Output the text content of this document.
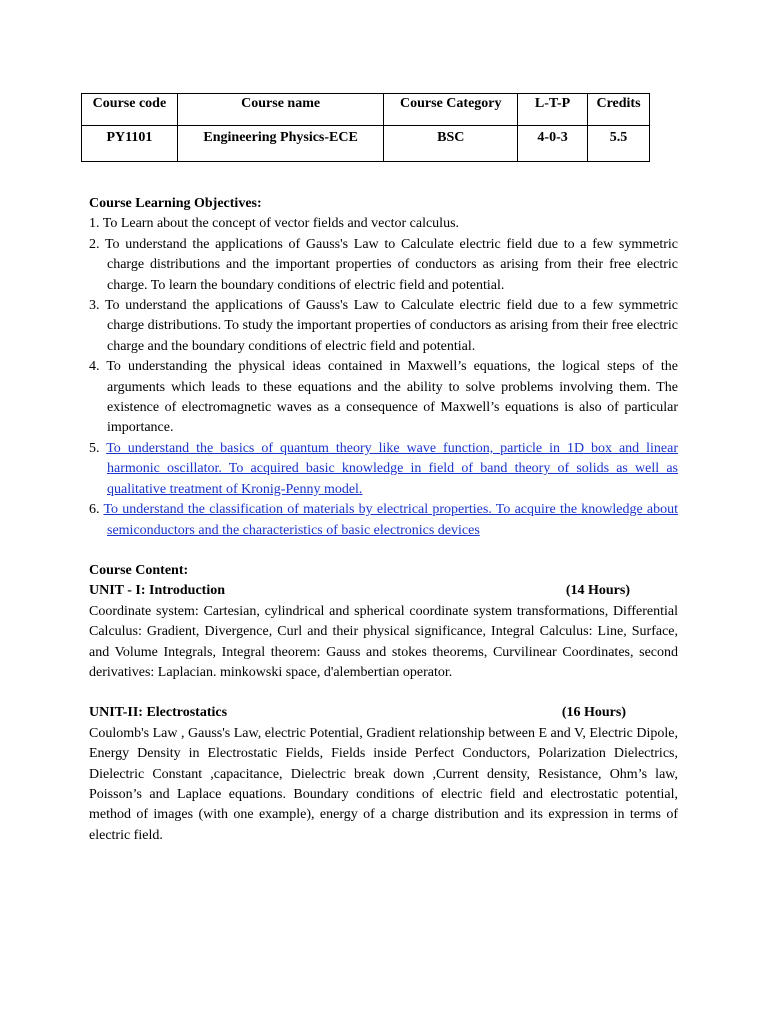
Course code	Course name	Course Category	L-T-P	Credits
PY1101	Engineering Physics-ECE	BSC	4-0-3	5.5
Course Learning Objectives:
1. To Learn about the concept of vector fields and vector calculus.
2. To understand the applications of Gauss's Law to Calculate electric field due to a few symmetric charge distributions and the important properties of conductors as arising from their free electric charge. To learn the boundary conditions of electric field and potential.
3. To understand the applications of Gauss's Law to Calculate electric field due to a few symmetric charge distributions. To study the important properties of conductors as arising from their free electric charge and the boundary conditions of electric field and potential.
4. To understanding the physical ideas contained in Maxwell’s equations, the logical steps of the arguments which leads to these equations and the ability to solve problems involving them. The existence of electromagnetic waves as a consequence of Maxwell’s equations is also of particular importance.
5. To understand the basics of quantum theory like wave function, particle in 1D box and linear harmonic oscillator. To acquired basic knowledge in field of band theory of solids as well as qualitative treatment of Kronig-Penny model.
6. To understand the classification of materials by electrical properties. To acquire the knowledge about semiconductors and the characteristics of basic electronics devices
Course Content:
UNIT - I: Introduction	(14 Hours)

Coordinate system: Cartesian, cylindrical and spherical coordinate system transformations, Differential Calculus: Gradient, Divergence, Curl and their physical significance, Integral Calculus: Line, Surface, and Volume Integrals, Integral theorem: Gauss and stokes theorems, Curvilinear Coordinates, second derivatives: Laplacian. minkowski space, d'alembertian operator.

UNIT-II: Electrostatics	(16 Hours)

Coulomb's Law , Gauss's Law, electric Potential, Gradient relationship between E and V, Electric Dipole, Energy Density in Electrostatic Fields, Fields inside Perfect Conductors, Polarization Dielectrics, Dielectric Constant ,capacitance, Dielectric break down ,Current density, Resistance, Ohm’s law, Poisson’s and Laplace equations. Boundary conditions of electric field and electrostatic potential, method of images (with one example), energy of a charge distribution and its expression in terms of electric field.
